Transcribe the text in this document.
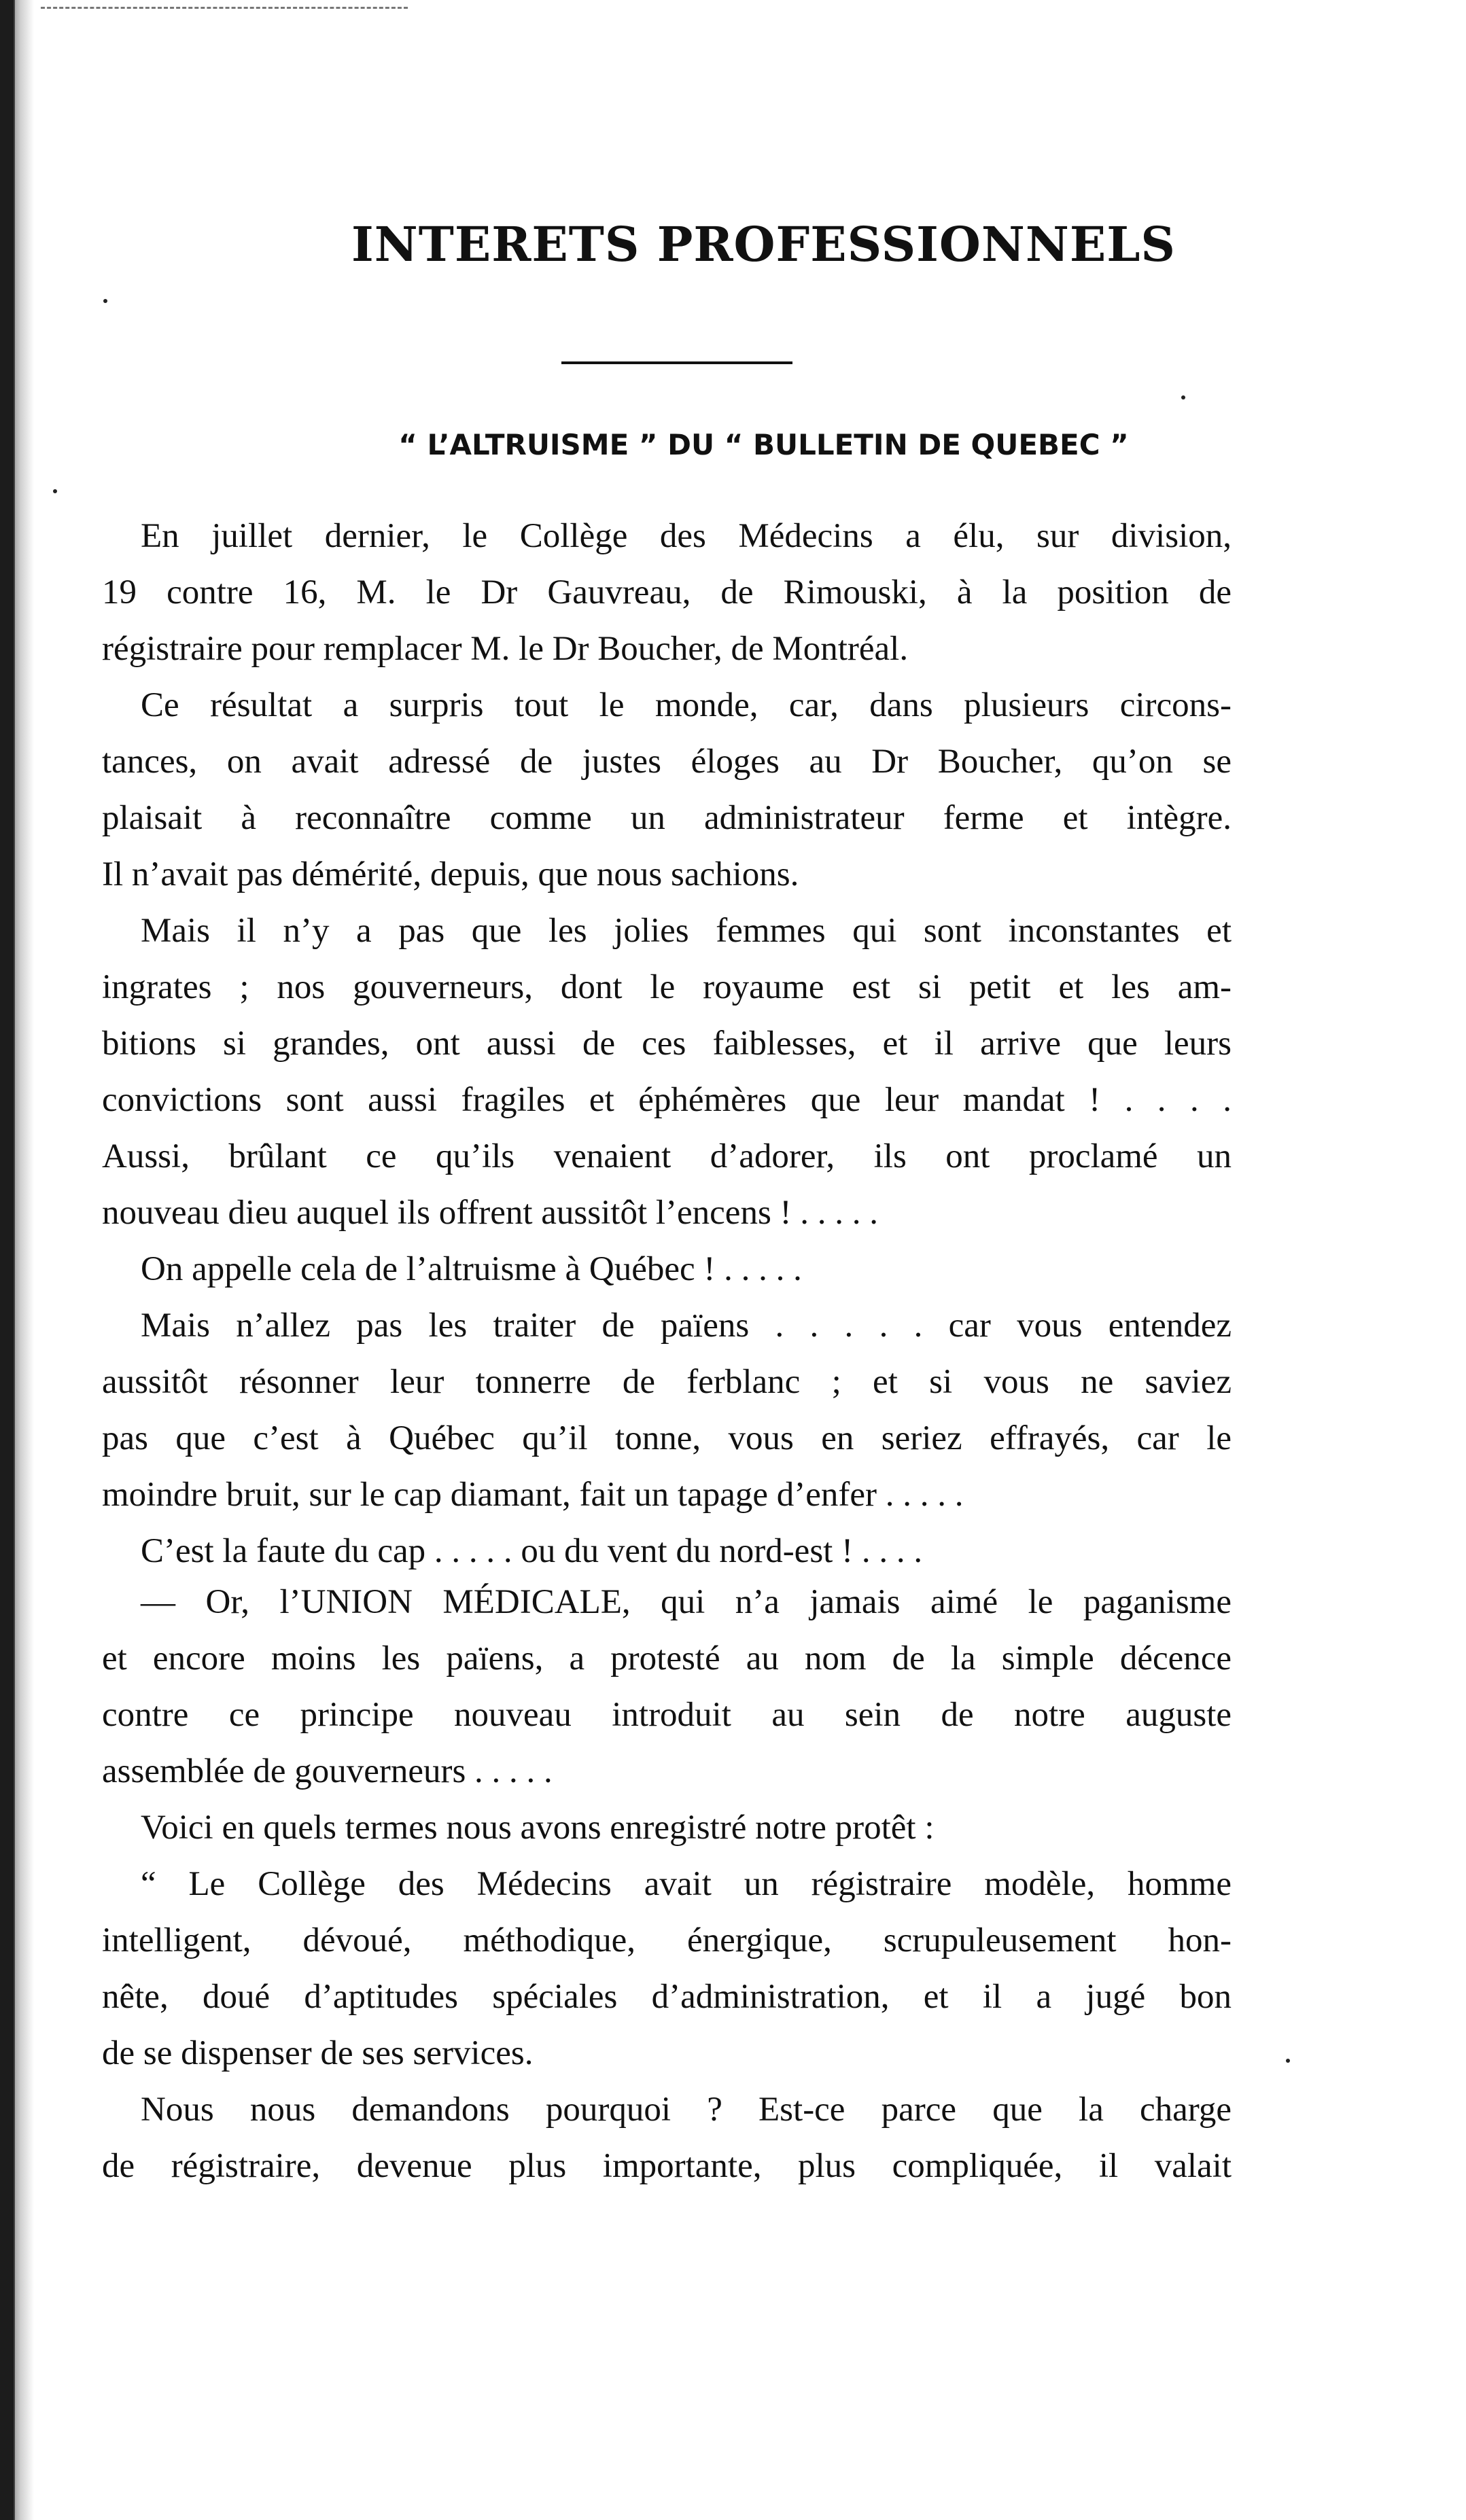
INTERETS PROFESSIONNELS
“ L’ALTRUISME ” DU “ BULLETIN DE QUEBEC ”
En juillet dernier, le Collège des Médecins a élu, sur division,
19 contre 16, M. le Dr Gauvreau, de Rimouski, à la position de
régistraire pour remplacer M. le Dr Boucher, de Montréal.
Ce résultat a surpris tout le monde, car, dans plusieurs circons-
tances, on avait adressé de justes éloges au Dr Boucher, qu’on se
plaisait à reconnaître comme un administrateur ferme et intègre.
Il n’avait pas démérité, depuis, que nous sachions.
Mais il n’y a pas que les jolies femmes qui sont inconstantes et
ingrates ; nos gouverneurs, dont le royaume est si petit et les am-
bitions si grandes, ont aussi de ces faiblesses, et il arrive que leurs
convictions sont aussi fragiles et éphémères que leur mandat ! . . . .
Aussi, brûlant ce qu’ils venaient d’adorer, ils ont proclamé un
nouveau dieu auquel ils offrent aussitôt l’encens ! . . . . .
On appelle cela de l’altruisme à Québec ! . . . . .
Mais n’allez pas les traiter de païens . . . . . car vous entendez
aussitôt résonner leur tonnerre de ferblanc ; et si vous ne saviez
pas que c’est à Québec qu’il tonne, vous en seriez effrayés, car le
moindre bruit, sur le cap diamant, fait un tapage d’enfer . . . . .
C’est la faute du cap . . . . . ou du vent du nord-est ! . . . .
— Or, l’UNION MÉDICALE, qui n’a jamais aimé le paganisme
et encore moins les païens, a protesté au nom de la simple décence
contre ce principe nouveau introduit au sein de notre auguste
assemblée de gouverneurs . . . . .
Voici en quels termes nous avons enregistré notre protêt :
“ Le Collège des Médecins avait un régistraire modèle, homme
intelligent, dévoué, méthodique, énergique, scrupuleusement hon-
nête, doué d’aptitudes spéciales d’administration, et il a jugé bon
de se dispenser de ses services.
Nous nous demandons pourquoi ? Est-ce parce que la charge
de régistraire, devenue plus importante, plus compliquée, il valait
